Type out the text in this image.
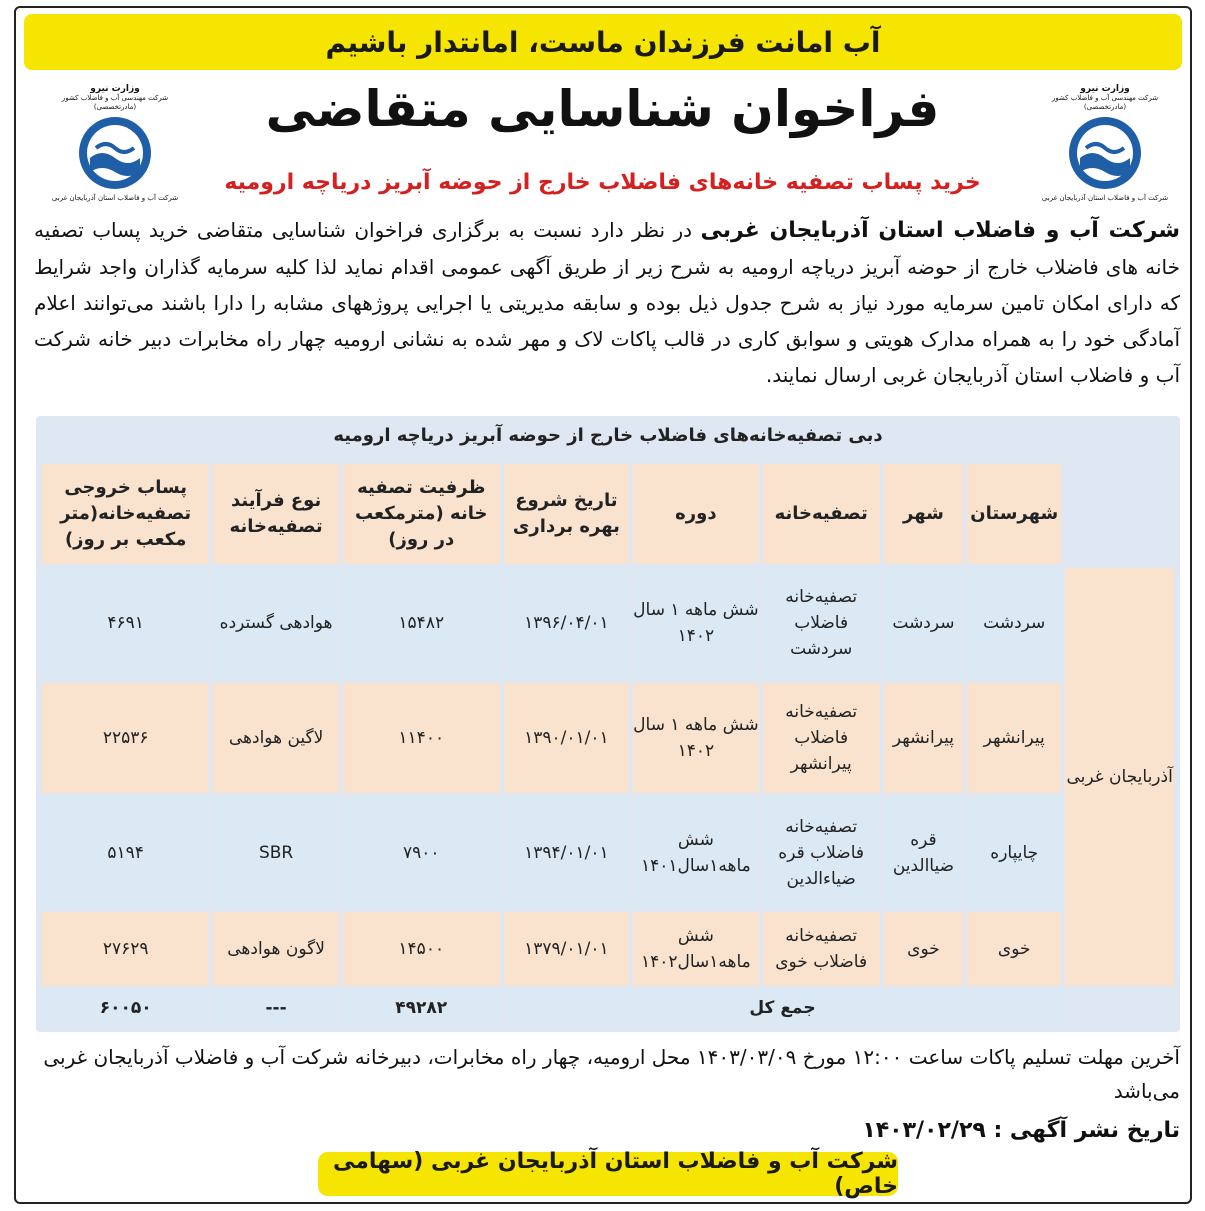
آب امانت فرزندان ماست، امانتدار باشیم
وزارت نیرو
شرکت مهندسی آب و فاضلاب کشور
(مادرتخصصی)
شرکت آب و فاضلاب استان آذربایجان غربی
وزارت نیرو
شرکت مهندسی آب و فاضلاب کشور
(مادرتخصصی)
شرکت آب و فاضلاب استان آذربایجان غربی
فراخوان شناسایی متقاضی
خرید پساب تصفیه خانه‌های فاضلاب خارج از حوضه آبریز دریاچه ارومیه
شرکت آب و فاضلاب استان آذربایجان غربی در نظر دارد نسبت به برگزاری فراخوان شناسایی متقاضی خرید پساب تصفیه خانه های فاضلاب خارج از حوضه آبریز دریاچه ارومیه به شرح زیر از طریق آگهی عمومی اقدام نماید لذا کلیه سرمایه گذاران واجد شرایط که دارای امکان تامین سرمایه مورد نیاز به شرح جدول ذیل بوده و سابقه مدیریتی یا اجرایی پروژههای مشابه را دارا باشند می‌توانند اعلام آمادگی خود را به همراه مدارک هویتی و سوابق کاری در قالب پاکات لاک و مهر شده به نشانی ارومیه چهار راه مخابرات دبیر خانه شرکت آب و فاضلاب استان آذربایجان غربی ارسال نمایند.
دبی تصفیه‌خانه‌های فاضلاب خارج از حوضه آبریز دریاچه ارومیه
	شهرستان	شهر	تصفیه‌خانه	دوره	تاریخ شروع بهره برداری	ظرفیت تصفیه خانه (مترمکعب در روز)	نوع فرآیند تصفیه‌خانه	پساب خروجی تصفیه‌خانه(متر مکعب بر روز)
آذربایجان غربی	سردشت	سردشت	تصفیه‌خانه فاضلاب سردشت	شش ماهه ۱ سال ۱۴۰۲	۱۳۹۶/۰۴/۰۱	۱۵۴۸۲	هوادهی گسترده	۴۶۹۱
	پیرانشهر	پیرانشهر	تصفیه‌خانه فاضلاب پیرانشهر	شش ماهه ۱ سال ۱۴۰۲	۱۳۹۰/۰۱/۰۱	۱۱۴۰۰	لاگین هوادهی	۲۲۵۳۶
	چایپاره	قره ضیاالدین	تصفیه‌خانه فاضلاب قره ضیاءالدین	شش ماهه۱سال۱۴۰۱	۱۳۹۴/۰۱/۰۱	۷۹۰۰	SBR	۵۱۹۴
	خوی	خوی	تصفیه‌خانه فاضلاب خوی	شش ماهه۱سال۱۴۰۲	۱۳۷۹/۰۱/۰۱	۱۴۵۰۰	لاگون هوادهی	۲۷۶۲۹
	جمع کل					۴۹۲۸۲	---	۶۰۰۵۰
آخرین مهلت تسلیم پاکات ساعت ۱۲:۰۰ مورخ ۱۴۰۳/۰۳/۰۹ محل ارومیه، چهار راه مخابرات، دبیرخانه شرکت آب و فاضلاب آذربایجان غربی می‌باشد
تاریخ نشر آگهی : ۱۴۰۳/۰۲/۲۹
شرکت آب و فاضلاب استان آذربایجان غربی (سهامی خاص)
